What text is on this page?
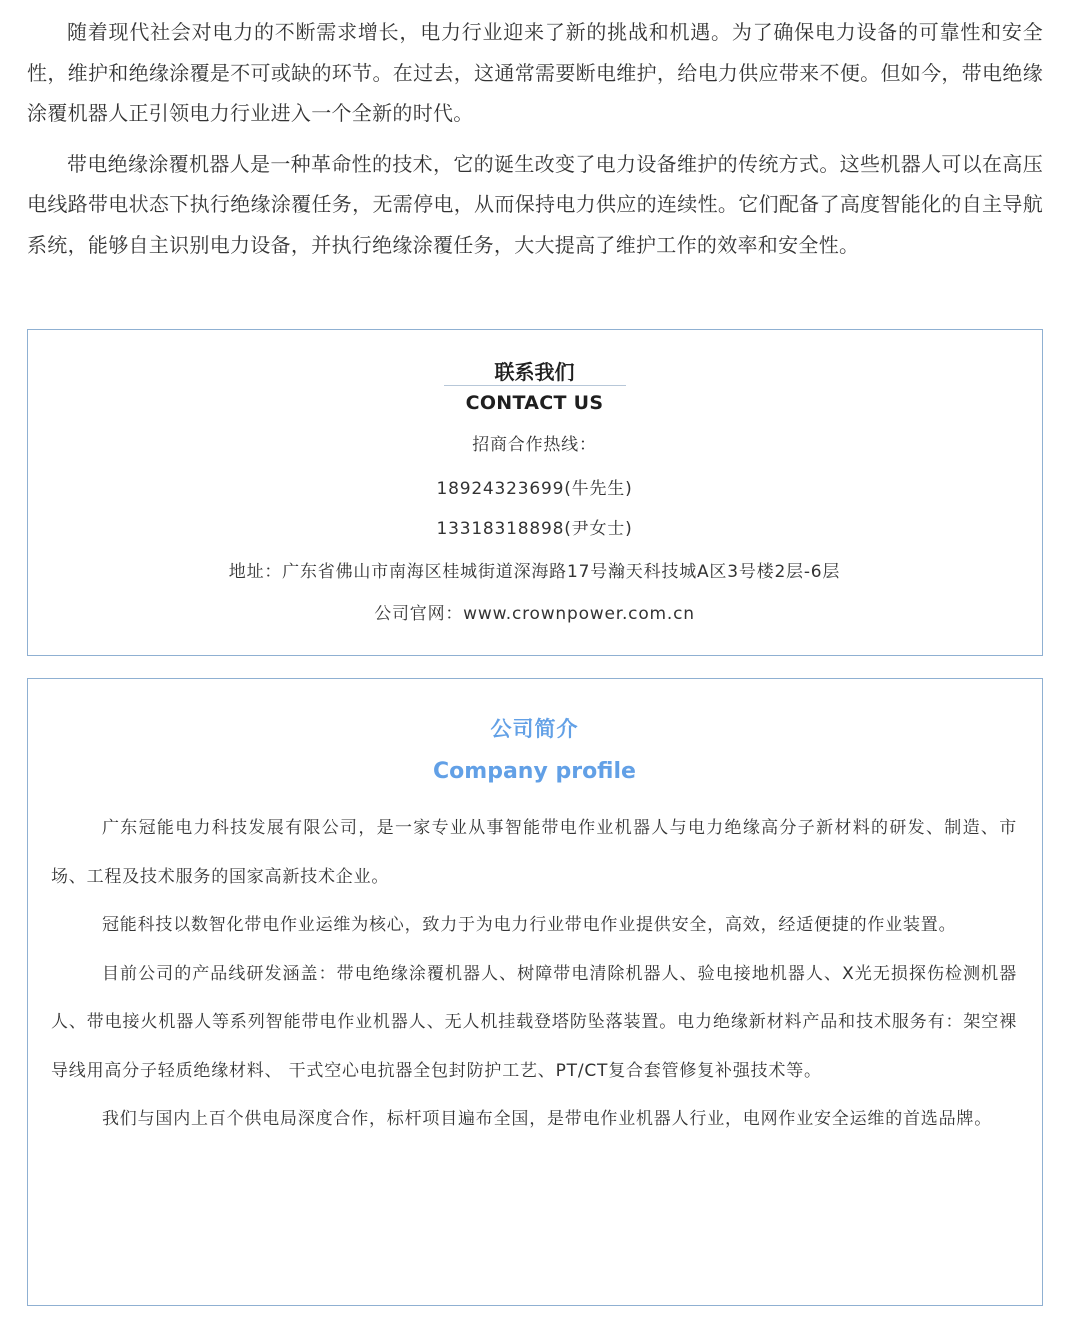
随着现代社会对电力的不断需求增长，电力行业迎来了新的挑战和机遇。为了确保电力设备的可靠性和安全性，维护和绝缘涂覆是不可或缺的环节。在过去，这通常需要断电维护，给电力供应带来不便。但如今，带电绝缘涂覆机器人正引领电力行业进入一个全新的时代。

带电绝缘涂覆机器人是一种革命性的技术，它的诞生改变了电力设备维护的传统方式。这些机器人可以在高压电线路带电状态下执行绝缘涂覆任务，无需停电，从而保持电力供应的连续性。它们配备了高度智能化的自主导航系统，能够自主识别电力设备，并执行绝缘涂覆任务，大大提高了维护工作的效率和安全性。

联系我们
CONTACT US
招商合作热线：
18924323699(牛先生)
13318318898(尹女士)
地址：广东省佛山市南海区桂城街道深海路17号瀚天科技城A区3号楼2层-6层
公司官网：www.crownpower.com.cn
公司简介
Company profile

广东冠能电力科技发展有限公司，是一家专业从事智能带电作业机器人与电力绝缘高分子新材料的研发、制造、市场、工程及技术服务的国家高新技术企业。

冠能科技以数智化带电作业运维为核心，致力于为电力行业带电作业提供安全，高效，经适便捷的作业装置。

目前公司的产品线研发涵盖：带电绝缘涂覆机器人、树障带电清除机器人、验电接地机器人、X光无损探伤检测机器人、带电接火机器人等系列智能带电作业机器人、无人机挂载登塔防坠落装置。电力绝缘新材料产品和技术服务有：架空裸导线用高分子轻质绝缘材料、 干式空心电抗器全包封防护工艺、PT/CT复合套管修复补强技术等。

我们与国内上百个供电局深度合作，标杆项目遍布全国，是带电作业机器人行业，电网作业安全运维的首选品牌。
